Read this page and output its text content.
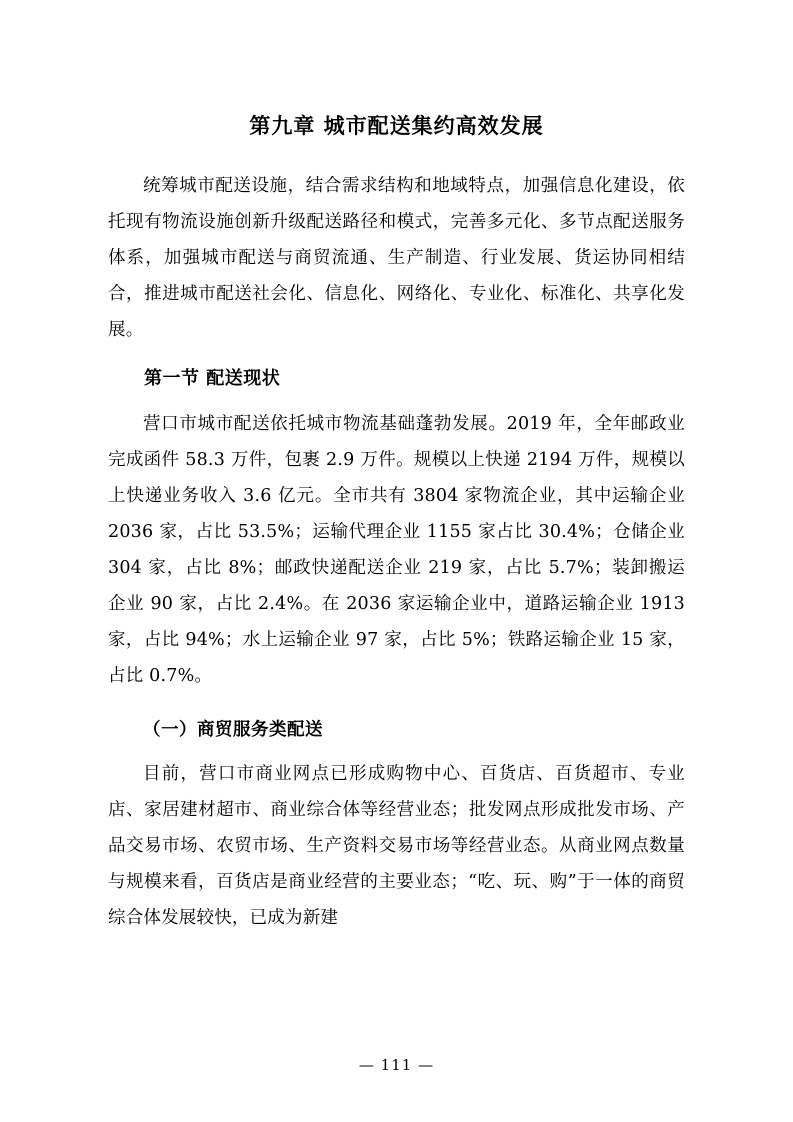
第九章 城市配送集约高效发展

统筹城市配送设施，结合需求结构和地域特点，加强信息化建设，依托现有物流设施创新升级配送路径和模式，完善多元化、多节点配送服务体系，加强城市配送与商贸流通、生产制造、行业发展、货运协同相结合，推进城市配送社会化、信息化、网络化、专业化、标准化、共享化发展。

第一节 配送现状

营口市城市配送依托城市物流基础蓬勃发展。2019 年，全年邮政业完成函件 58.3 万件，包裹 2.9 万件。规模以上快递 2194 万件，规模以上快递业务收入 3.6 亿元。全市共有 3804 家物流企业，其中运输企业 2036 家，占比 53.5%；运输代理企业 1155 家占比 30.4%；仓储企业 304 家，占比 8%；邮政快递配送企业 219 家，占比 5.7%；装卸搬运企业 90 家，占比 2.4%。在 2036 家运输企业中，道路运输企业 1913 家，占比 94%；水上运输企业 97 家，占比 5%；铁路运输企业 15 家，占比 0.7%。

（一）商贸服务类配送

目前，营口市商业网点已形成购物中心、百货店、百货超市、专业店、家居建材超市、商业综合体等经营业态；批发网点形成批发市场、产品交易市场、农贸市场、生产资料交易市场等经营业态。从商业网点数量与规模来看，百货店是商业经营的主要业态；“吃、玩、购”于一体的商贸综合体发展较快，已成为新建

— 111 —
